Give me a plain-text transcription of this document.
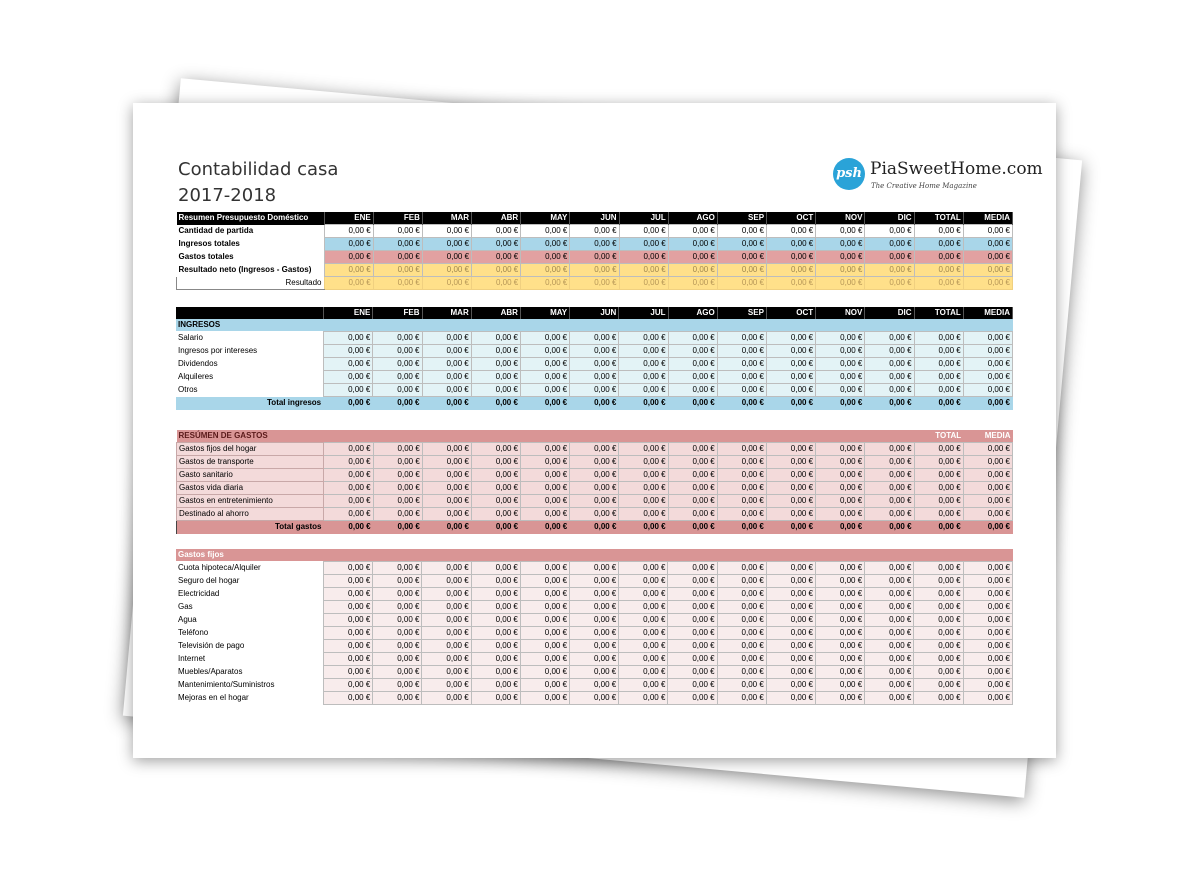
Contabilidad casa
2017-2018
psh PiaSweetHome.com
The Creative Home Magazine
Resumen Presupuesto Doméstico	ENE	FEB	MAR	ABR	MAY	JUN	JUL	AGO	SEP	OCT	NOV	DIC	TOTAL	MEDIA
Cantidad de partida	0,00 €	0,00 €	0,00 €	0,00 €	0,00 €	0,00 €	0,00 €	0,00 €	0,00 €	0,00 €	0,00 €	0,00 €	0,00 €	0,00 €
Ingresos totales	0,00 €	0,00 €	0,00 €	0,00 €	0,00 €	0,00 €	0,00 €	0,00 €	0,00 €	0,00 €	0,00 €	0,00 €	0,00 €	0,00 €
Gastos totales	0,00 €	0,00 €	0,00 €	0,00 €	0,00 €	0,00 €	0,00 €	0,00 €	0,00 €	0,00 €	0,00 €	0,00 €	0,00 €	0,00 €
Resultado neto (Ingresos - Gastos)	0,00 €	0,00 €	0,00 €	0,00 €	0,00 €	0,00 €	0,00 €	0,00 €	0,00 €	0,00 €	0,00 €	0,00 €	0,00 €	0,00 €
Resultado	0,00 €	0,00 €	0,00 €	0,00 €	0,00 €	0,00 €	0,00 €	0,00 €	0,00 €	0,00 €	0,00 €	0,00 €	0,00 €	0,00 €
	ENE	FEB	MAR	ABR	MAY	JUN	JUL	AGO	SEP	OCT	NOV	DIC	TOTAL	MEDIA
INGRESOS														
Salario	0,00 €	0,00 €	0,00 €	0,00 €	0,00 €	0,00 €	0,00 €	0,00 €	0,00 €	0,00 €	0,00 €	0,00 €	0,00 €	0,00 €
Ingresos por intereses	0,00 €	0,00 €	0,00 €	0,00 €	0,00 €	0,00 €	0,00 €	0,00 €	0,00 €	0,00 €	0,00 €	0,00 €	0,00 €	0,00 €
Dividendos	0,00 €	0,00 €	0,00 €	0,00 €	0,00 €	0,00 €	0,00 €	0,00 €	0,00 €	0,00 €	0,00 €	0,00 €	0,00 €	0,00 €
Alquileres	0,00 €	0,00 €	0,00 €	0,00 €	0,00 €	0,00 €	0,00 €	0,00 €	0,00 €	0,00 €	0,00 €	0,00 €	0,00 €	0,00 €
Otros	0,00 €	0,00 €	0,00 €	0,00 €	0,00 €	0,00 €	0,00 €	0,00 €	0,00 €	0,00 €	0,00 €	0,00 €	0,00 €	0,00 €
Total ingresos	0,00 €	0,00 €	0,00 €	0,00 €	0,00 €	0,00 €	0,00 €	0,00 €	0,00 €	0,00 €	0,00 €	0,00 €	0,00 €	0,00 €
RESÚMEN DE GASTOS													TOTAL	MEDIA
Gastos fijos del hogar	0,00 €	0,00 €	0,00 €	0,00 €	0,00 €	0,00 €	0,00 €	0,00 €	0,00 €	0,00 €	0,00 €	0,00 €	0,00 €	0,00 €
Gastos de transporte	0,00 €	0,00 €	0,00 €	0,00 €	0,00 €	0,00 €	0,00 €	0,00 €	0,00 €	0,00 €	0,00 €	0,00 €	0,00 €	0,00 €
Gasto sanitario	0,00 €	0,00 €	0,00 €	0,00 €	0,00 €	0,00 €	0,00 €	0,00 €	0,00 €	0,00 €	0,00 €	0,00 €	0,00 €	0,00 €
Gastos vida diaria	0,00 €	0,00 €	0,00 €	0,00 €	0,00 €	0,00 €	0,00 €	0,00 €	0,00 €	0,00 €	0,00 €	0,00 €	0,00 €	0,00 €
Gastos en entretenimiento	0,00 €	0,00 €	0,00 €	0,00 €	0,00 €	0,00 €	0,00 €	0,00 €	0,00 €	0,00 €	0,00 €	0,00 €	0,00 €	0,00 €
Destinado al ahorro	0,00 €	0,00 €	0,00 €	0,00 €	0,00 €	0,00 €	0,00 €	0,00 €	0,00 €	0,00 €	0,00 €	0,00 €	0,00 €	0,00 €
Total gastos	0,00 €	0,00 €	0,00 €	0,00 €	0,00 €	0,00 €	0,00 €	0,00 €	0,00 €	0,00 €	0,00 €	0,00 €	0,00 €	0,00 €
Gastos fijos														
Cuota hipoteca/Alquiler	0,00 €	0,00 €	0,00 €	0,00 €	0,00 €	0,00 €	0,00 €	0,00 €	0,00 €	0,00 €	0,00 €	0,00 €	0,00 €	0,00 €
Seguro del hogar	0,00 €	0,00 €	0,00 €	0,00 €	0,00 €	0,00 €	0,00 €	0,00 €	0,00 €	0,00 €	0,00 €	0,00 €	0,00 €	0,00 €
Electricidad	0,00 €	0,00 €	0,00 €	0,00 €	0,00 €	0,00 €	0,00 €	0,00 €	0,00 €	0,00 €	0,00 €	0,00 €	0,00 €	0,00 €
Gas	0,00 €	0,00 €	0,00 €	0,00 €	0,00 €	0,00 €	0,00 €	0,00 €	0,00 €	0,00 €	0,00 €	0,00 €	0,00 €	0,00 €
Agua	0,00 €	0,00 €	0,00 €	0,00 €	0,00 €	0,00 €	0,00 €	0,00 €	0,00 €	0,00 €	0,00 €	0,00 €	0,00 €	0,00 €
Teléfono	0,00 €	0,00 €	0,00 €	0,00 €	0,00 €	0,00 €	0,00 €	0,00 €	0,00 €	0,00 €	0,00 €	0,00 €	0,00 €	0,00 €
Televisión de pago	0,00 €	0,00 €	0,00 €	0,00 €	0,00 €	0,00 €	0,00 €	0,00 €	0,00 €	0,00 €	0,00 €	0,00 €	0,00 €	0,00 €
Internet	0,00 €	0,00 €	0,00 €	0,00 €	0,00 €	0,00 €	0,00 €	0,00 €	0,00 €	0,00 €	0,00 €	0,00 €	0,00 €	0,00 €
Muebles/Aparatos	0,00 €	0,00 €	0,00 €	0,00 €	0,00 €	0,00 €	0,00 €	0,00 €	0,00 €	0,00 €	0,00 €	0,00 €	0,00 €	0,00 €
Mantenimiento/Suministros	0,00 €	0,00 €	0,00 €	0,00 €	0,00 €	0,00 €	0,00 €	0,00 €	0,00 €	0,00 €	0,00 €	0,00 €	0,00 €	0,00 €
Mejoras en el hogar	0,00 €	0,00 €	0,00 €	0,00 €	0,00 €	0,00 €	0,00 €	0,00 €	0,00 €	0,00 €	0,00 €	0,00 €	0,00 €	0,00 €
